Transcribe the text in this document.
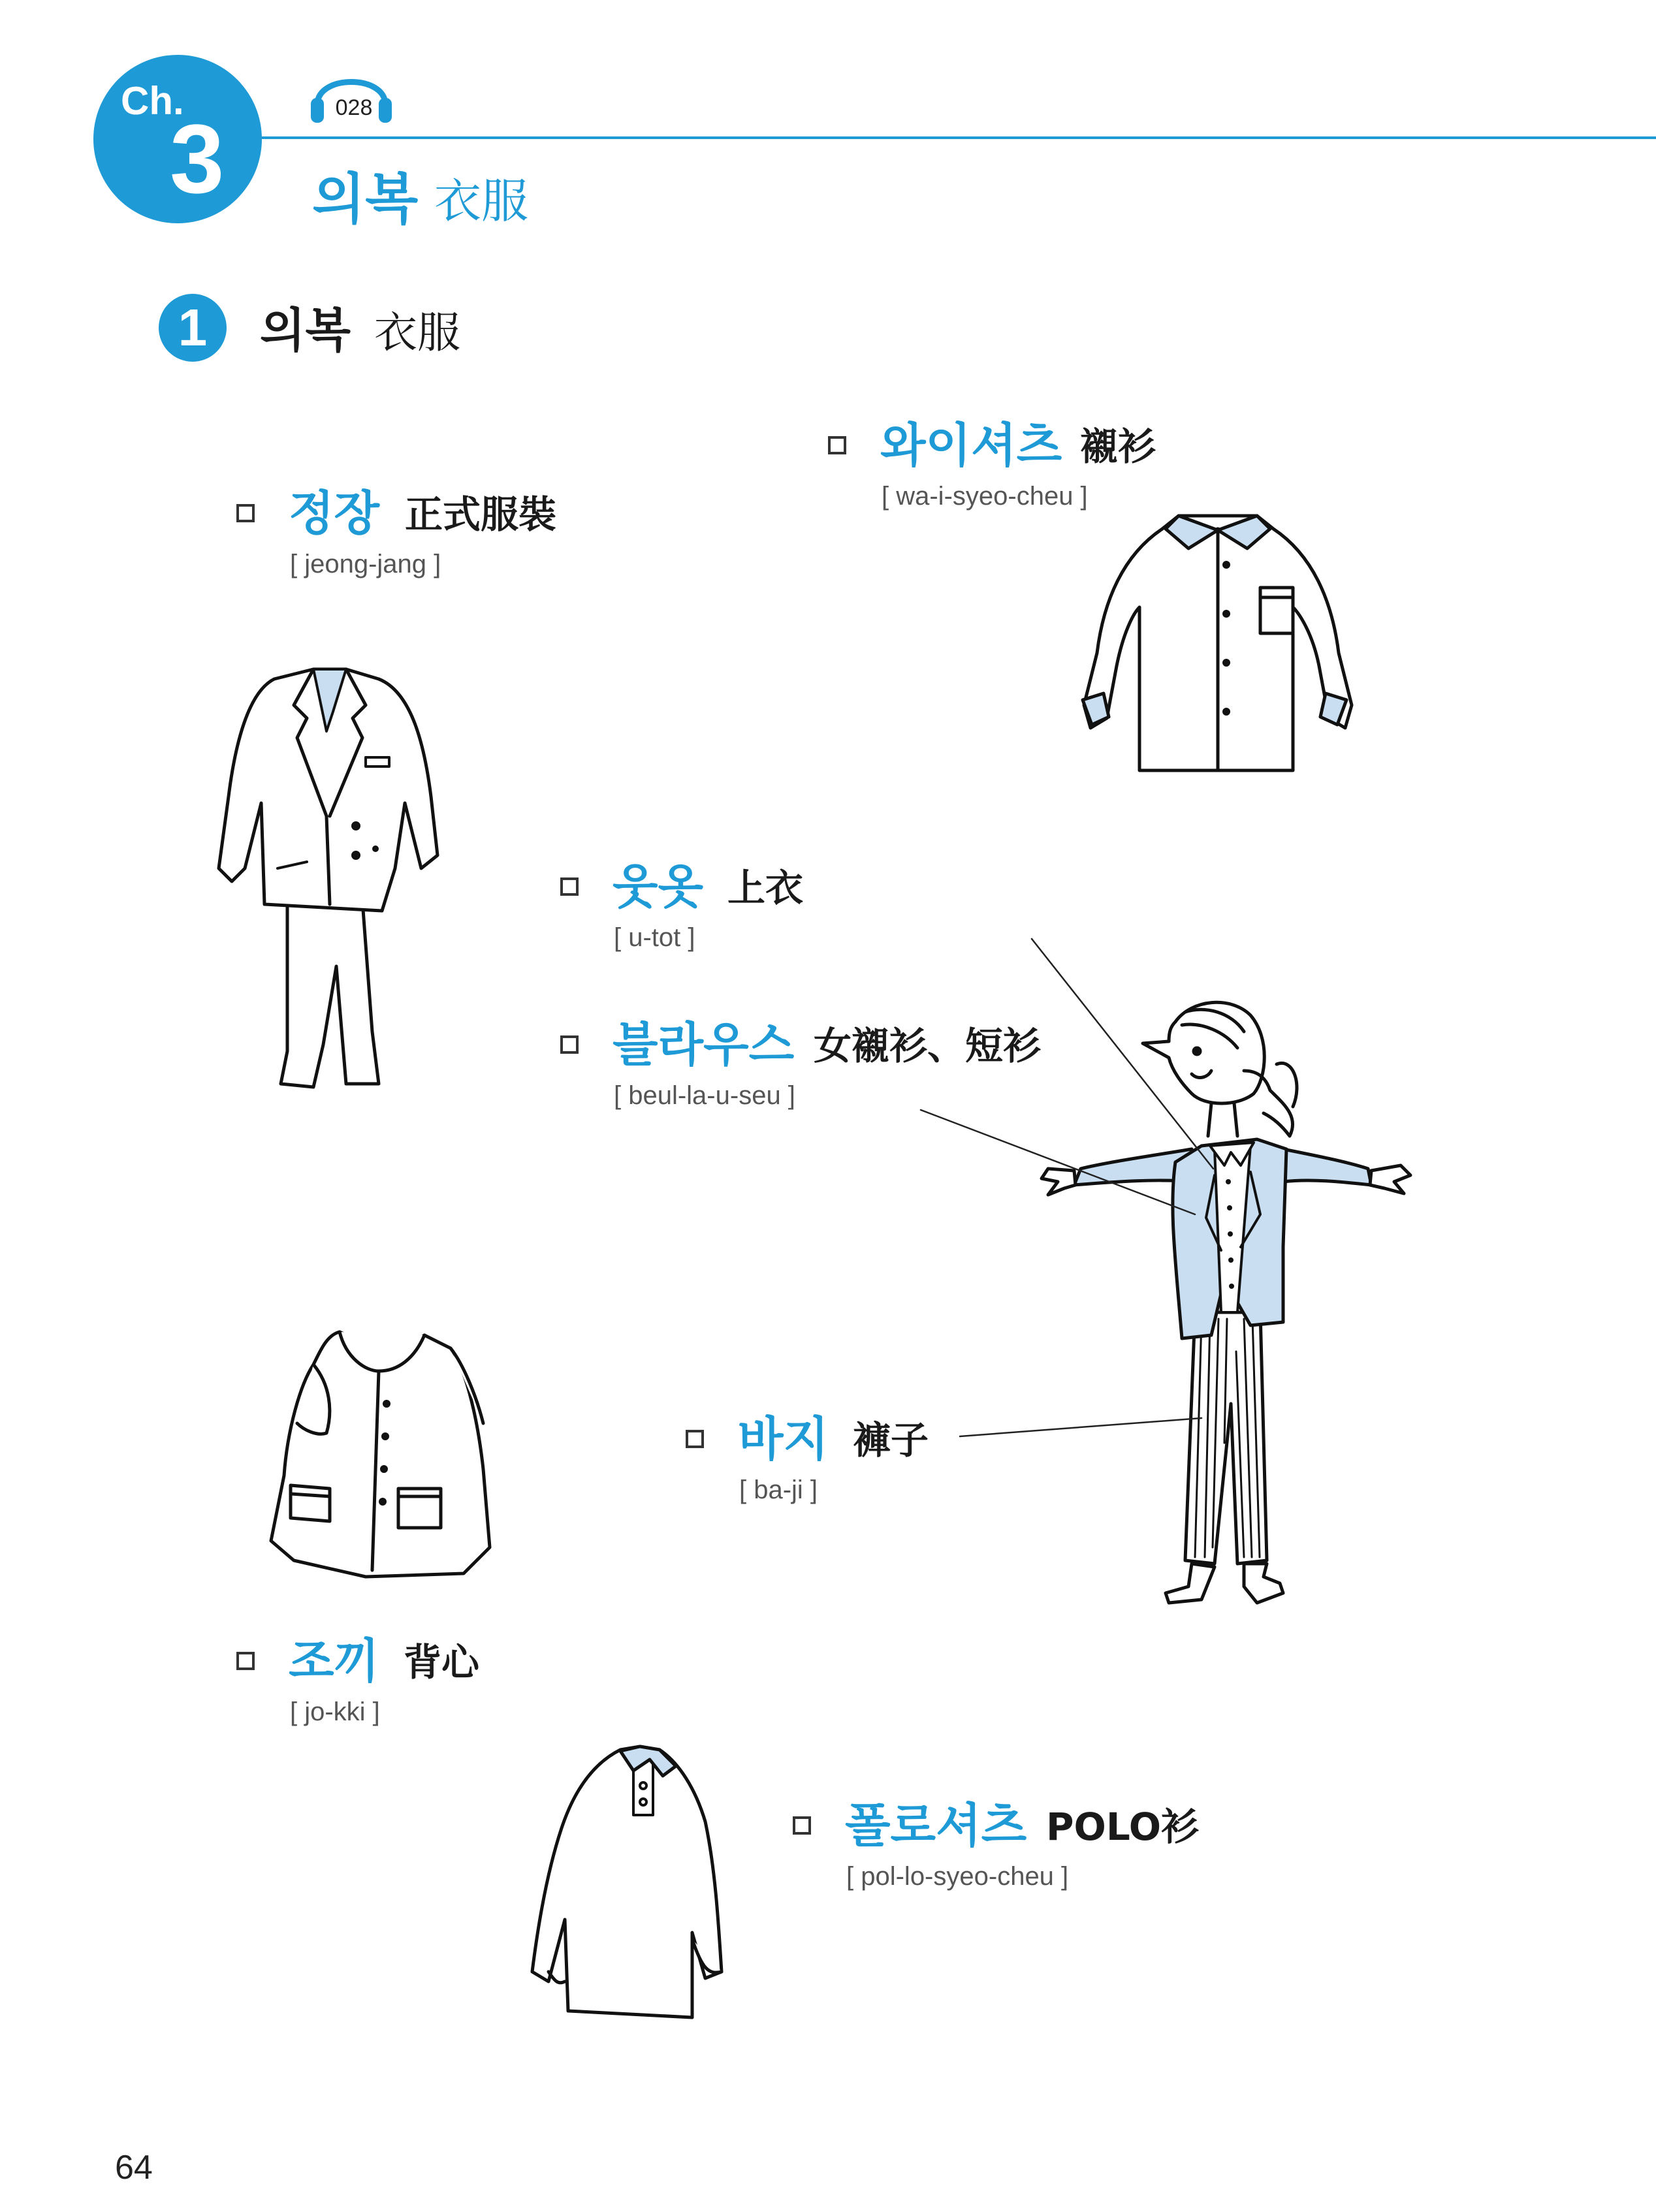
Ch.
3	028
의복 衣服
1	의복 衣服
와이셔츠 襯衫
[ wa-i-syeo-cheu ]
정장 正式服裝
[ jeong-jang ]
웃옷 上衣
[ u-tot ]
블라우스 女襯衫、短衫
[ beul-la-u-seu ]
바지 褲子
[ ba-ji ]
조끼 背心
[ jo-kki ]
폴로셔츠 POLO衫
[ pol-lo-syeo-cheu ]
64
